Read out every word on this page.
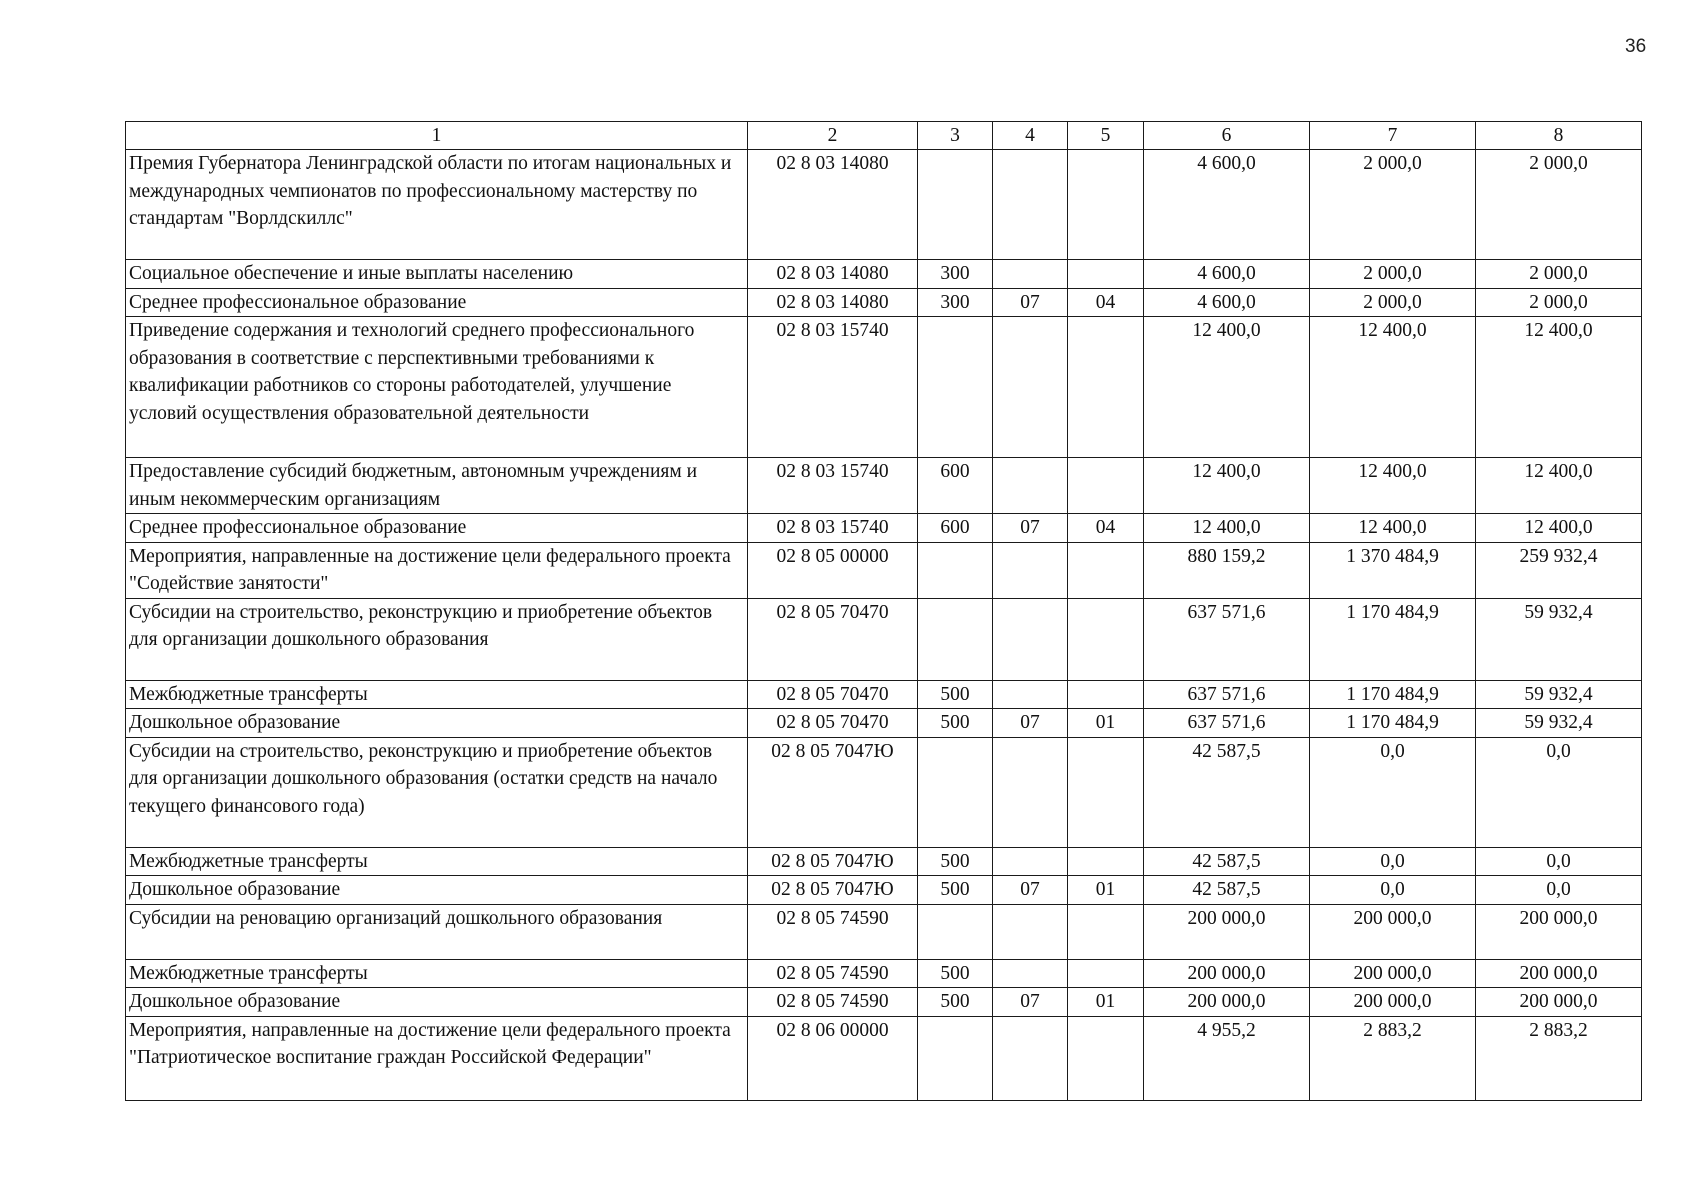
36
1	2	3	4	5	6	7	8
Премия Губернатора Ленинградской области по итогам национальных и международных чемпионатов по профессиональному мастерству по стандартам "Ворлдскиллс"	02 8 03 14080				4 600,0	2 000,0	2 000,0
Социальное обеспечение и иные выплаты населению	02 8 03 14080	300			4 600,0	2 000,0	2 000,0
Среднее профессиональное образование	02 8 03 14080	300	07	04	4 600,0	2 000,0	2 000,0
Приведение содержания и технологий среднего профессионального образования в соответствие с перспективными требованиями к квалификации работников со стороны работодателей, улучшение условий осуществления образовательной деятельности	02 8 03 15740				12 400,0	12 400,0	12 400,0
Предоставление субсидий бюджетным, автономным учреждениям и иным некоммерческим организациям	02 8 03 15740	600			12 400,0	12 400,0	12 400,0
Среднее профессиональное образование	02 8 03 15740	600	07	04	12 400,0	12 400,0	12 400,0
Мероприятия, направленные на достижение цели федерального проекта "Содействие занятости"	02 8 05 00000				880 159,2	1 370 484,9	259 932,4
Субсидии на строительство, реконструкцию и приобретение объектов для организации дошкольного образования	02 8 05 70470				637 571,6	1 170 484,9	59 932,4
Межбюджетные трансферты	02 8 05 70470	500			637 571,6	1 170 484,9	59 932,4
Дошкольное образование	02 8 05 70470	500	07	01	637 571,6	1 170 484,9	59 932,4
Субсидии на строительство, реконструкцию и приобретение объектов для организации дошкольного образования (остатки средств на начало текущего финансового года)	02 8 05 7047Ю				42 587,5	0,0	0,0
Межбюджетные трансферты	02 8 05 7047Ю	500			42 587,5	0,0	0,0
Дошкольное образование	02 8 05 7047Ю	500	07	01	42 587,5	0,0	0,0
Субсидии на реновацию организаций дошкольного образования	02 8 05 74590				200 000,0	200 000,0	200 000,0
Межбюджетные трансферты	02 8 05 74590	500			200 000,0	200 000,0	200 000,0
Дошкольное образование	02 8 05 74590	500	07	01	200 000,0	200 000,0	200 000,0
Мероприятия, направленные на достижение цели федерального проекта "Патриотическое воспитание граждан Российской Федерации"	02 8 06 00000				4 955,2	2 883,2	2 883,2
